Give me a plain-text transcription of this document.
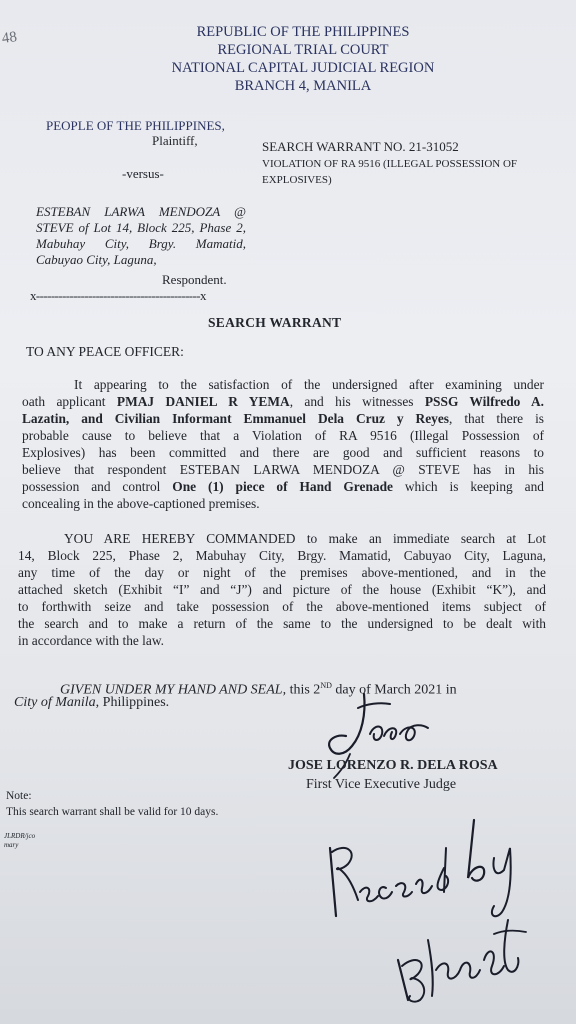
48	REPUBLIC OF THE PHILIPPINES
REGIONAL TRIAL COURT
NATIONAL CAPITAL JUDICIAL REGION
BRANCH 4, MANILA
PEOPLE OF THE PHILIPPINES,
Plaintiff,	SEARCH WARRANT NO. 21-31052
-versus-
VIOLATION OF RA 9516 (ILLEGAL POSSESSION OF
EXPLOSIVES)
ESTEBAN LARWA MENDOZA @
STEVE of Lot 14, Block 225, Phase 2,
Mabuhay City, Brgy. Mamatid,
Cabuyao City, Laguna,
Respondent.
x--------------------------------------------x
SEARCH WARRANT
TO ANY PEACE OFFICER:
It appearing to the satisfaction of the undersigned after examining under
oath applicant PMAJ DANIEL R YEMA, and his witnesses PSSG Wilfredo A.
Lazatin, and Civilian Informant Emmanuel Dela Cruz y Reyes, that there is
probable cause to believe that a Violation of RA 9516 (Illegal Possession of
Explosives) has been committed and there are good and sufficient reasons to
believe that respondent ESTEBAN LARWA MENDOZA @ STEVE has in his
possession and control One (1) piece of Hand Grenade which is keeping and
concealing in the above-captioned premises.
YOU ARE HEREBY COMMANDED to make an immediate search at Lot
14, Block 225, Phase 2, Mabuhay City, Brgy. Mamatid, Cabuyao City, Laguna,
any time of the day or night of the premises above-mentioned, and in the
attached sketch (Exhibit “I” and “J”) and picture of the house (Exhibit “K”), and
to forthwith seize and take possession of the above-mentioned items subject of
the search and to make a return of the same to the undersigned to be dealt with
in accordance with the law.
GIVEN UNDER MY HAND AND SEAL, this 2ND day of March 2021 in
City of Manila, Philippines.
JOSE LORENZO R. DELA ROSA
First Vice Executive Judge
Note:
This search warrant shall be valid for 10 days.
JLRDR/jco
mary
